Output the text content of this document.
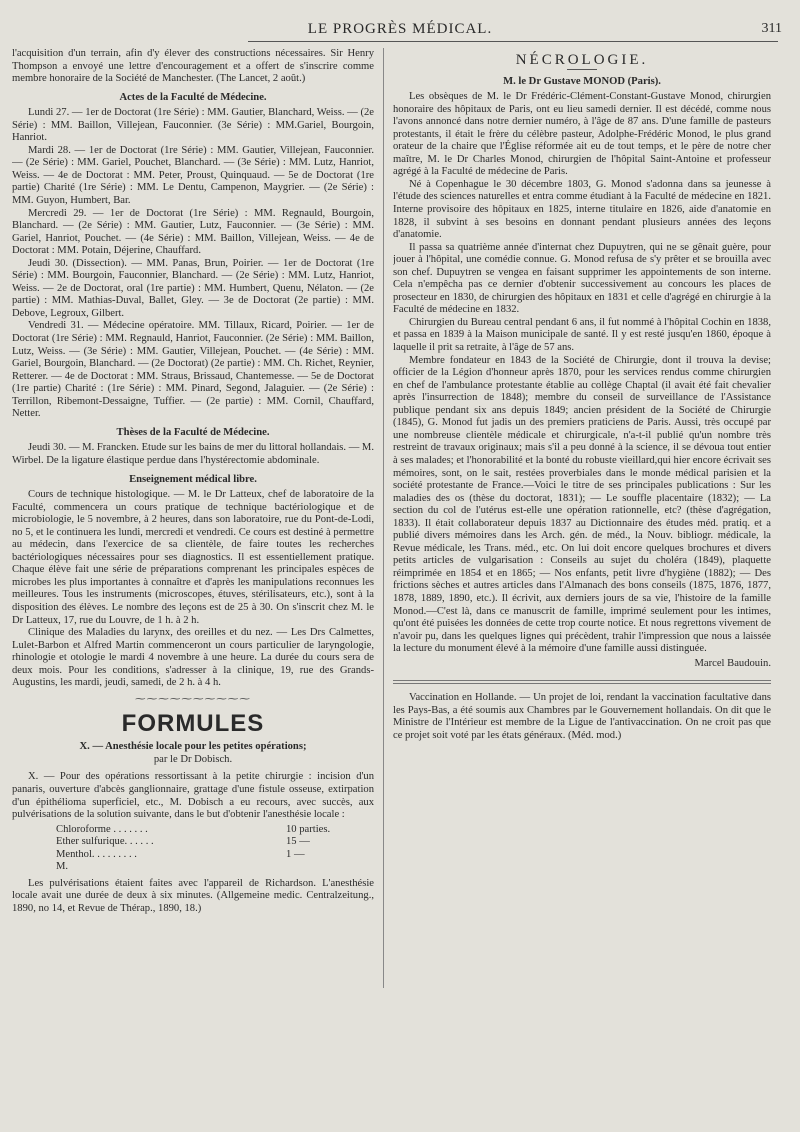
LE PROGRÈS MÉDICAL.	311

l'acquisition d'un terrain, afin d'y élever des constructions nécessaires. Sir Henry Thompson a envoyé une lettre d'encouragement et a offert de s'inscrire comme membre honoraire de la Société de Manchester. (The Lancet, 2 août.)

Actes de la Faculté de Médecine.

Lundi 27. — 1er de Doctorat (1re Série) : MM. Gautier, Blanchard, Weiss. — (2e Série) : MM. Baillon, Villejean, Fauconnier. (3e Série) : MM.Gariel, Bourgoin, Hanriot.

Mardi 28. — 1er de Doctorat (1re Série) : MM. Gautier, Villejean, Fauconnier. — (2e Série) : MM. Gariel, Pouchet, Blanchard. — (3e Série) : MM. Lutz, Hanriot, Weiss. — 4e de Doctorat : MM. Peter, Proust, Quinquaud. — 5e de Doctorat (1re partie) Charité (1re Série) : MM. Le Dentu, Campenon, Maygrier. — (2e Série) : MM. Guyon, Humbert, Bar.

Mercredi 29. — 1er de Doctorat (1re Série) : MM. Regnauld, Bourgoin, Blanchard. — (2e Série) : MM. Gautier, Lutz, Fauconnier. — (3e Série) : MM. Gariel, Hanriot, Pouchet. — (4e Série) : MM. Baillon, Villejean, Weiss. — 4e de Doctorat : MM. Potain, Déjerine, Chauffard.

Jeudi 30. (Dissection). — MM. Panas, Brun, Poirier. — 1er de Doctorat (1re Série) : MM. Bourgoin, Fauconnier, Blanchard. — (2e Série) : MM. Lutz, Hanriot, Weiss. — 2e de Doctorat, oral (1re partie) : MM. Humbert, Quenu, Nélaton. — (2e partie) : MM. Mathias-Duval, Ballet, Gley. — 3e de Doctorat (2e partie) : MM. Debove, Legroux, Gilbert.

Vendredi 31. — Médecine opératoire. MM. Tillaux, Ricard, Poirier. — 1er de Doctorat (1re Série) : MM. Regnauld, Hanriot, Fauconnier. (2e Série) : MM. Baillon, Lutz, Weiss. — (3e Série) : MM. Gautier, Villejean, Pouchet. — (4e Série) : MM. Gariel, Bourgoin, Blanchard. — (2e Doctorat) (2e partie) : MM. Ch. Richet, Reynier, Retterer. — 4e de Doctorat : MM. Straus, Brissaud, Chantemesse. — 5e de Doctorat (1re partie) Charité : (1re Série) : MM. Pinard, Segond, Jalaguier. — (2e Série) : Terrillon, Ribemont-Dessaigne, Tuffier. — (2e partie) : MM. Cornil, Chauffard, Netter.

Thèses de la Faculté de Médecine.

Jeudi 30. — M. Francken. Etude sur les bains de mer du littoral hollandais. — M. Wirbel. De la ligature élastique perdue dans l'hystérectomie abdominale.

Enseignement médical libre.

Cours de technique histologique. — M. le Dr Latteux, chef de laboratoire de la Faculté, commencera un cours pratique de technique bactériologique et de microbiologie, le 5 novembre, à 2 heures, dans son laboratoire, rue du Pont-de-Lodi, no 5, et le continuera les lundi, mercredi et vendredi. Ce cours est destiné à permettre au médecin, dans l'exercice de sa clientèle, de faire toutes les recherches bactériologiques nécessaires pour ses diagnostics. Il est essentiellement pratique. Chaque élève fait une série de préparations comprenant les principales espèces de microbes les plus importantes à connaître et d'après les manipulations reconnues les meilleures. Tous les instruments (microscopes, étuves, stérilisateurs, etc.), sont à la disposition des élèves. Le nombre des leçons est de 25 à 30. On s'inscrit chez M. le Dr Latteux, 17, rue du Louvre, de 1 h. à 2 h.

Clinique des Maladies du larynx, des oreilles et du nez. — Les Drs Calmettes, Lulet-Barbon et Alfred Martin commenceront un cours particulier de laryngologie, rhinologie et otologie le mardi 4 novembre à une heure. La durée du cours sera de deux mois. Pour les conditions, s'adresser à la clinique, 19, rue des Grands-Augustins, les mardi, jeudi, samedi, de 2 h. à 4 h.

⁓⁓⁓⁓⁓⁓⁓⁓⁓⁓
FORMULES
X. — Anesthésie locale pour les petites opérations;
par le Dr Dobisch.

X. — Pour des opérations ressortissant à la petite chirurgie : incision d'un panaris, ouverture d'abcès ganglionnaire, grattage d'une fistule osseuse, extirpation d'un épithélioma superficiel, etc., M. Dobisch a eu recours, avec succès, aux pulvérisations de la solution suivante, dans le but d'obtenir l'anesthésie locale :

Chloroforme . . . . . . .	10 parties.
Ether sulfurique. . . . . .	15 —
Menthol. . . . . . . . .	1 —
M.

Les pulvérisations étaient faites avec l'appareil de Richardson. L'anesthésie locale avait une durée de deux à six minutes. (Allgemeine medic. Centralzeitung., 1890, no 14, et Revue de Thérap., 1890, 18.)

NÉCROLOGIE.
M. le Dr Gustave MONOD (Paris).

Les obsèques de M. le Dr Frédéric-Clément-Constant-Gustave Monod, chirurgien honoraire des hôpitaux de Paris, ont eu lieu samedi dernier. Il est décédé, comme nous l'avons annoncé dans notre dernier numéro, à l'âge de 87 ans. D'une famille de pasteurs protestants, il était le frère du célèbre pasteur, Adolphe-Frédéric Monod, le plus grand orateur de la chaire que l'Église réformée ait eu de tout temps, et le père de notre cher maître, M. le Dr Charles Monod, chirurgien de l'hôpital Saint-Antoine et professeur agrégé à la Faculté de médecine de Paris.

Né à Copenhague le 30 décembre 1803, G. Monod s'adonna dans sa jeunesse à l'étude des sciences naturelles et entra comme étudiant à la Faculté de médecine en 1821. Interne provisoire des hôpitaux en 1825, interne titulaire en 1826, aide d'anatomie en 1828, il subvint à ses besoins en donnant pendant plusieurs années des leçons d'anatomie.

Il passa sa quatrième année d'internat chez Dupuytren, qui ne se gênait guère, pour jouer à l'hôpital, une comédie connue. G. Monod refusa de s'y prêter et se brouilla avec son chef. Dupuytren se vengea en faisant supprimer les appointements de son interne. Cela n'empêcha pas ce dernier d'obtenir successivement au concours les places de prosecteur en 1830, de chirurgien des hôpitaux en 1831 et celle d'agrégé en chirurgie à la Faculté de médecine en 1832.

Chirurgien du Bureau central pendant 6 ans, il fut nommé à l'hôpital Cochin en 1838, et passa en 1839 à la Maison municipale de santé. Il y est resté jusqu'en 1860, époque à laquelle il prit sa retraite, à l'âge de 57 ans.

Membre fondateur en 1843 de la Société de Chirurgie, dont il trouva la devise; officier de la Légion d'honneur après 1870, pour les services rendus comme chirurgien en chef de l'ambulance protestante établie au collège Chaptal (il avait été fait chevalier après l'insurrection de 1848); membre du conseil de surveillance de l'Assistance publique pendant six ans depuis 1849; ancien président de la Société de Chirurgie (1845), G. Monod fut jadis un des premiers praticiens de Paris. Aussi, très occupé par une nombreuse clientèle médicale et chirurgicale, n'a-t-il publié qu'un nombre très restreint de travaux originaux; mais s'il a peu donné à la science, il se dévoua tout entier à ses malades; et l'honorabilité et la bonté du robuste vieillard,qui hier encore écrivait ses mémoires, sont, on le sait, restées proverbiales dans le monde médical parisien et la société protestante de France.—Voici le titre de ses principales publications : Sur les maladies des os (thèse du doctorat, 1831); — Le souffle placentaire (1832); — La section du col de l'utérus est-elle une opération rationnelle, etc? (thèse d'agrégation, 1833). Il était collaborateur depuis 1837 au Dictionnaire des études méd. pratiq. et a publié divers mémoires dans les Arch. gén. de méd., la Nouv. bibliogr. médicale, la Revue médicale, les Trans. méd., etc. On lui doit encore quelques brochures et divers petits articles de vulgarisation : Conseils au sujet du choléra (1849), plaquette réimprimée en 1854 et en 1865; — Nos enfants, petit livre d'hygiène (1882); — Des frictions sèches et autres articles dans l'Almanach des bons conseils (1875, 1876, 1877, 1878, 1889, 1890, etc.). Il écrivit, aux derniers jours de sa vie, l'histoire de la famille Monod.—C'est là, dans ce manuscrit de famille, imprimé seulement pour les intimes, qu'ont été puisées les données de cette trop courte notice. Et nous regrettons vivement de n'avoir pu, dans les quelques lignes qui précèdent, trahir l'impression que nous a laissée la lecture du monument élevé à la mémoire d'une famille aussi distinguée.

Marcel Baudouin.

Vaccination en Hollande. — Un projet de loi, rendant la vaccination facultative dans les Pays-Bas, a été soumis aux Chambres par le Gouvernement hollandais. On dit que le Ministre de l'Intérieur est membre de la Ligue de l'antivaccination. On ne croit pas que ce projet soit voté par les états généraux. (Méd. mod.)
